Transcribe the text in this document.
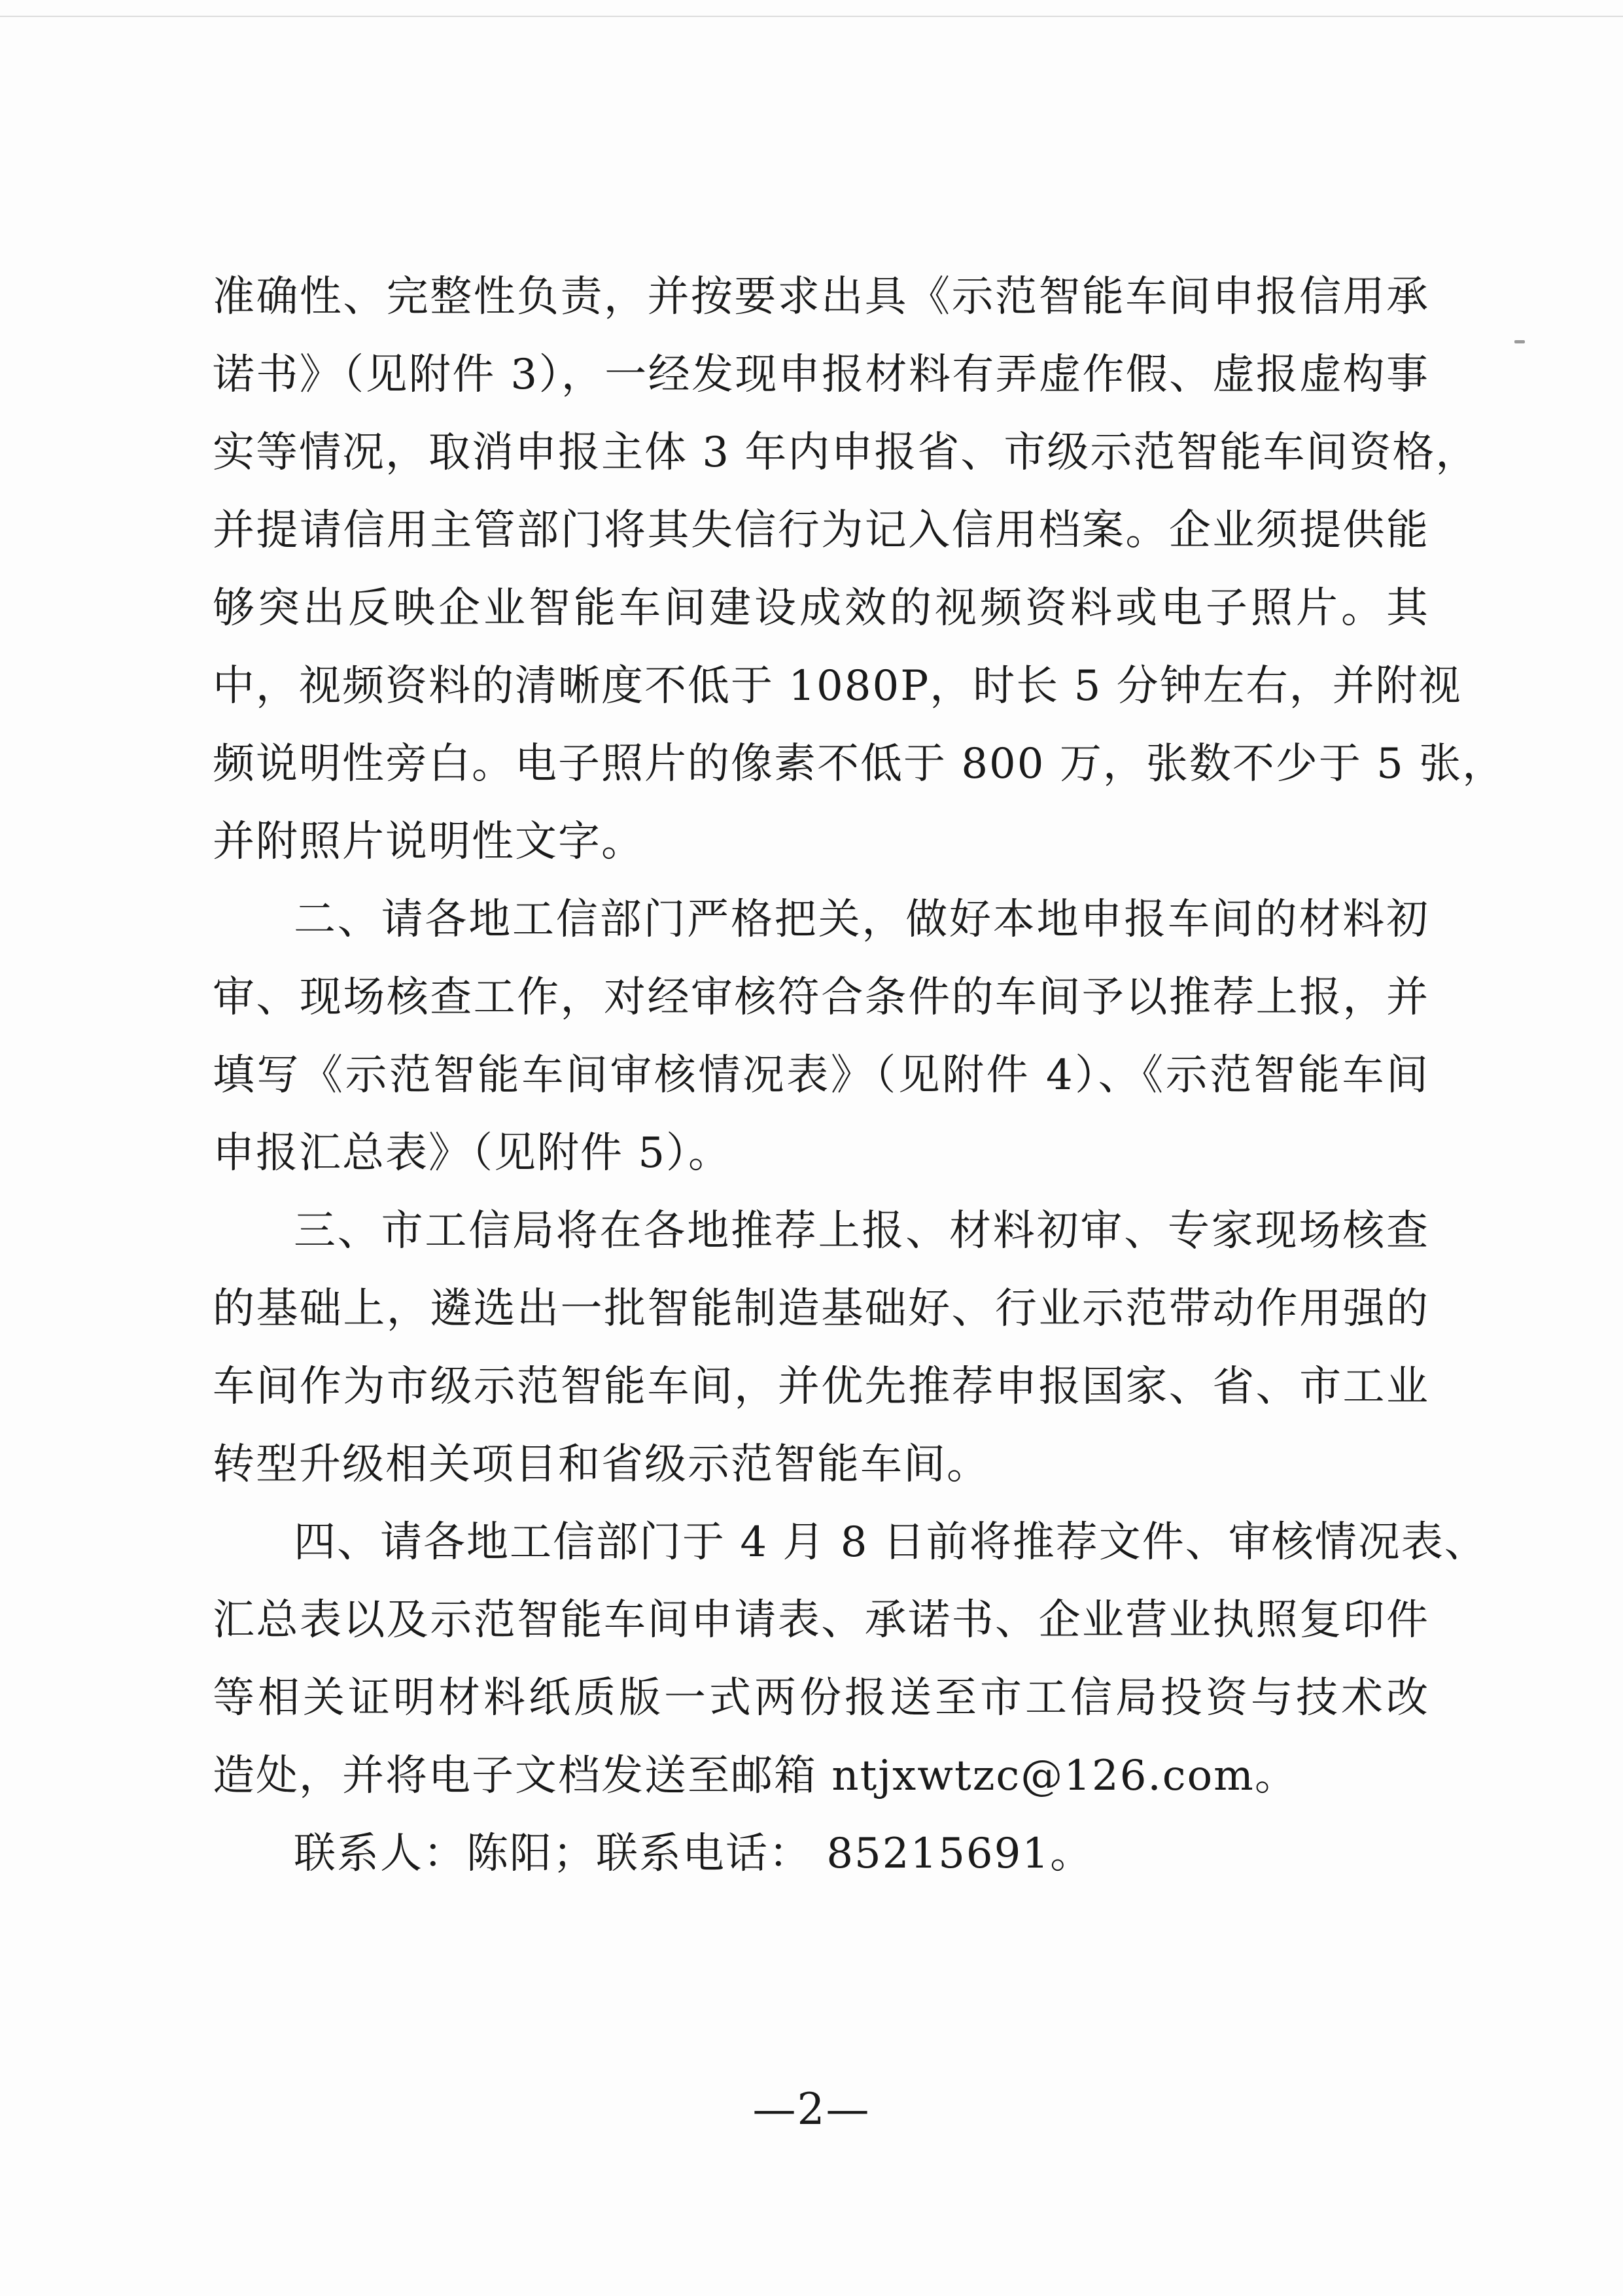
准确性、完整性负责，并按要求出具《示范智能车间申报信用承
诺书》（见附件 3），一经发现申报材料有弄虚作假、虚报虚构事
实等情况，取消申报主体 3 年内申报省、市级示范智能车间资格，
并提请信用主管部门将其失信行为记入信用档案。企业须提供能
够突出反映企业智能车间建设成效的视频资料或电子照片。其
中，视频资料的清晰度不低于 1080P，时长 5 分钟左右，并附视
频说明性旁白。电子照片的像素不低于 800 万，张数不少于 5 张，
并附照片说明性文字。
二、请各地工信部门严格把关，做好本地申报车间的材料初
审、现场核查工作，对经审核符合条件的车间予以推荐上报，并
填写《示范智能车间审核情况表》（见附件 4）、《示范智能车间
申报汇总表》（见附件 5）。
三、市工信局将在各地推荐上报、材料初审、专家现场核查
的基础上，遴选出一批智能制造基础好、行业示范带动作用强的
车间作为市级示范智能车间，并优先推荐申报国家、省、市工业
转型升级相关项目和省级示范智能车间。
四、请各地工信部门于 4 月 8 日前将推荐文件、审核情况表、
汇总表以及示范智能车间申请表、承诺书、企业营业执照复印件
等相关证明材料纸质版一式两份报送至市工信局投资与技术改
造处，并将电子文档发送至邮箱 ntjxwtzc@126.com。
联系人：陈阳；联系电话： 85215691。
—2—
